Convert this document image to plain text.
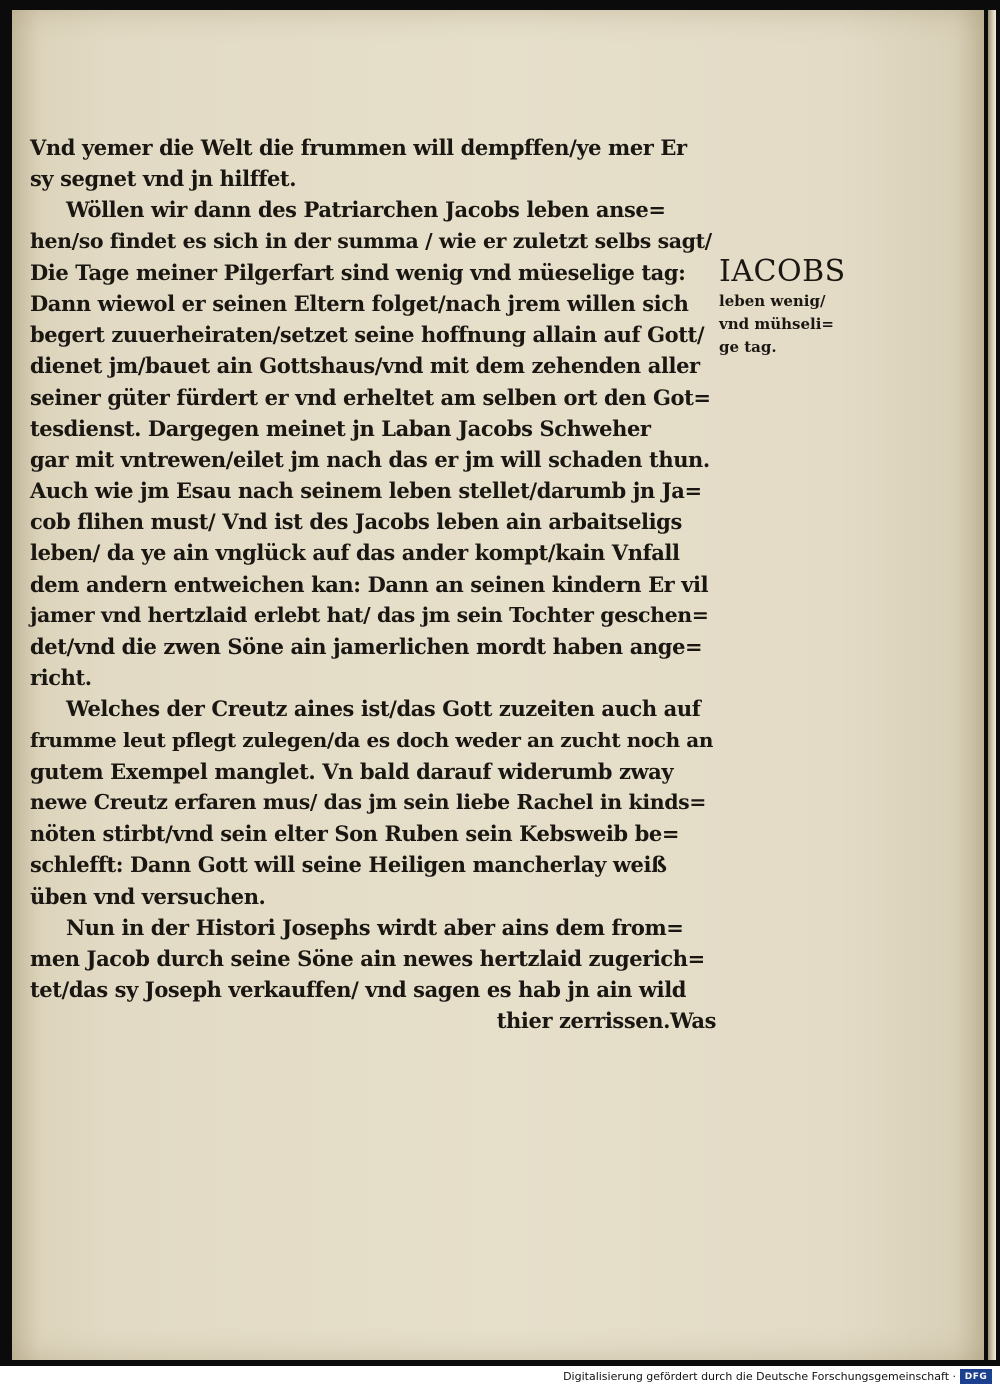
Vnd yemer die Welt die frummen will dempffen/ye mer Er
sy segnet vnd jn hilffet.
Wöllen wir dann des Patriarchen Jacobs leben anse=
hen/so findet es sich in der summa / wie er zuletzt selbs sagt/
Die Tage meiner Pilgerfart sind wenig vnd müeselige tag:
Dann wiewol er seinen Eltern folget/nach jrem willen sich
begert zuuerheiraten/setzet seine hoffnung allain auf Gott/
dienet jm/bauet ain Gottshaus/vnd mit dem zehenden aller
seiner güter fürdert er vnd erheltet am selben ort den Got=
tesdienst. Dargegen meinet jn Laban Jacobs Schweher
gar mit vntrewen/eilet jm nach das er jm will schaden thun.
Auch wie jm Esau nach seinem leben stellet/darumb jn Ja=
cob flihen must/ Vnd ist des Jacobs leben ain arbaitseligs
leben/ da ye ain vnglück auf das ander kompt/kain Vnfall
dem andern entweichen kan: Dann an seinen kindern Er vil
jamer vnd hertzlaid erlebt hat/ das jm sein Tochter geschen=
det/vnd die zwen Söne ain jamerlichen mordt haben ange=
richt.
Welches der Creutz aines ist/das Gott zuzeiten auch auf
frumme leut pflegt zulegen/da es doch weder an zucht noch an
gutem Exempel manglet. Vn bald darauf widerumb zway
newe Creutz erfaren mus/ das jm sein liebe Rachel in kinds=
nöten stirbt/vnd sein elter Son Ruben sein Kebsweib be=
schlefft: Dann Gott will seine Heiligen mancherlay weiß
üben vnd versuchen.
Nun in der Histori Josephs wirdt aber ains dem from=
men Jacob durch seine Söne ain newes hertzlaid zugerich=
tet/das sy Joseph verkauffen/ vnd sagen es hab jn ain wild
thier zerrissen. Was
IACOBS
leben wenig/
vnd mühseli=
ge tag.
Digitalisierung gefördert durch die Deutsche Forschungsgemeinschaft · DFG
